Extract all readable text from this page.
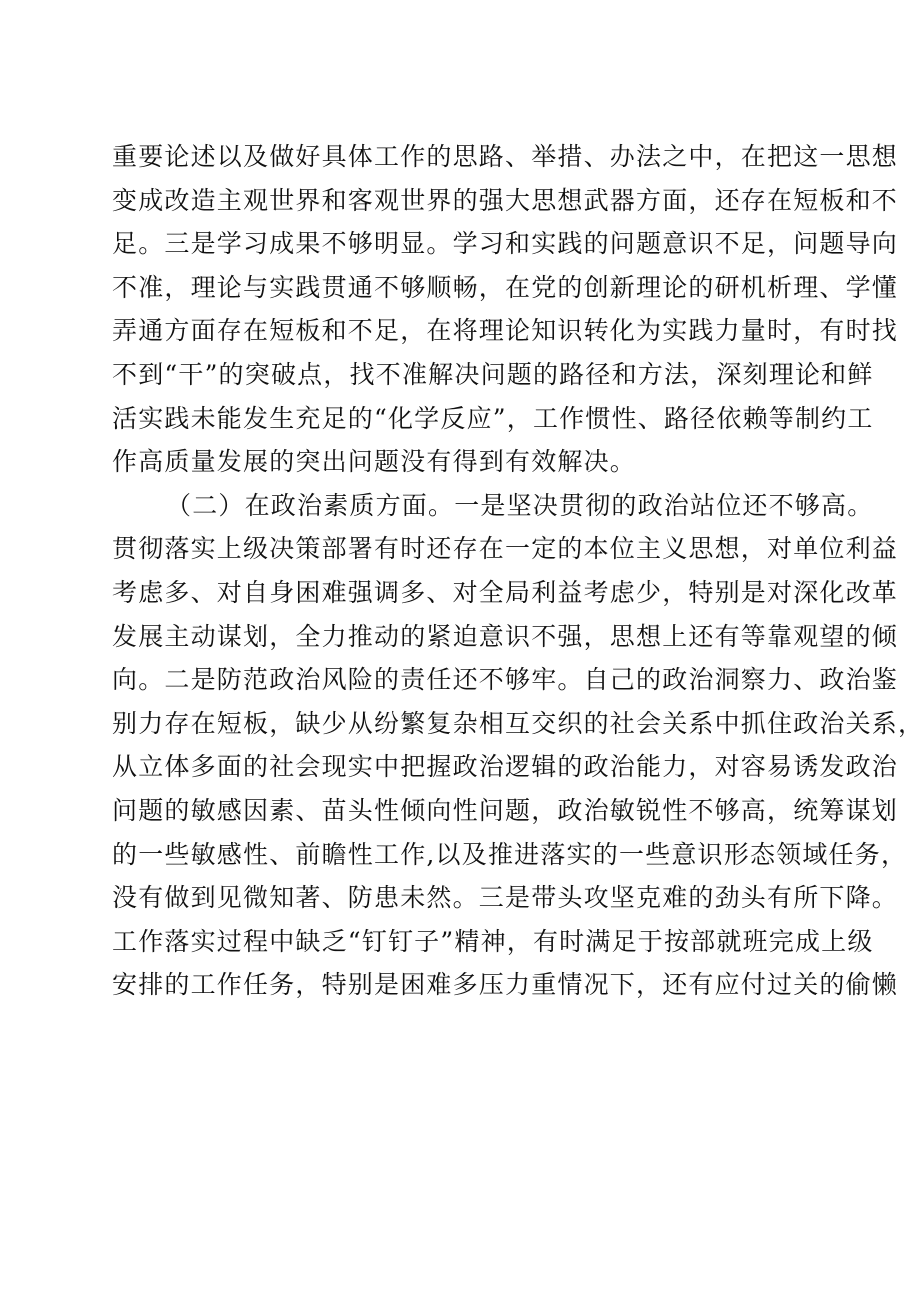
重要论述以及做好具体工作的思路、举措、办法之中，在把这一思想
变成改造主观世界和客观世界的强大思想武器方面，还存在短板和不
足。三是学习成果不够明显。学习和实践的问题意识不足，问题导向
不准，理论与实践贯通不够顺畅，在党的创新理论的研机析理、学懂
弄通方面存在短板和不足，在将理论知识转化为实践力量时，有时找
不到“干”的突破点，找不准解决问题的路径和方法，深刻理论和鲜
活实践未能发生充足的“化学反应”，工作惯性、路径依赖等制约工
作高质量发展的突出问题没有得到有效解决。
（二）在政治素质方面。一是坚决贯彻的政治站位还不够高。
贯彻落实上级决策部署有时还存在一定的本位主义思想，对单位利益
考虑多、对自身困难强调多、对全局利益考虑少，特别是对深化改革
发展主动谋划，全力推动的紧迫意识不强，思想上还有等靠观望的倾
向。二是防范政治风险的责任还不够牢。自己的政治洞察力、政治鉴
别力存在短板，缺少从纷繁复杂相互交织的社会关系中抓住政治关系，
从立体多面的社会现实中把握政治逻辑的政治能力，对容易诱发政治
问题的敏感因素、苗头性倾向性问题，政治敏锐性不够高，统筹谋划
的一些敏感性、前瞻性工作,以及推进落实的一些意识形态领域任务，
没有做到见微知著、防患未然。三是带头攻坚克难的劲头有所下降。
工作落实过程中缺乏“钉钉子”精神，有时满足于按部就班完成上级
安排的工作任务，特别是困难多压力重情况下，还有应付过关的偷懒
